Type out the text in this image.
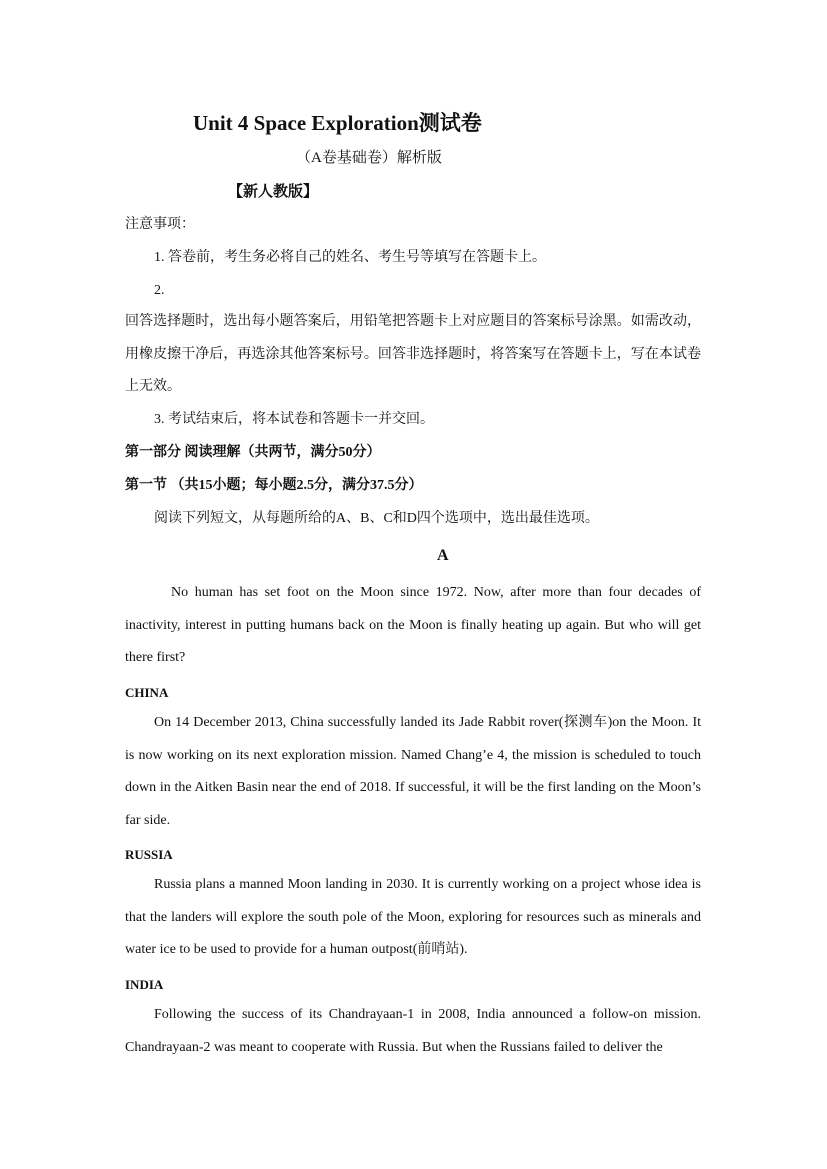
Unit 4 Space Exploration测试卷
（A卷基础卷）解析版
【新人教版】
注意事项：
1. 答卷前，考生务必将自己的姓名、考生号等填写在答题卡上。
2.
回答选择题时，选出每小题答案后，用铅笔把答题卡上对应题目的答案标号涂黑。如需改动，用橡皮擦干净后，再选涂其他答案标号。回答非选择题时，将答案写在答题卡上，写在本试卷上无效。
3. 考试结束后，将本试卷和答题卡一并交回。
第一部分 阅读理解（共两节，满分50分）
第一节 （共15小题；每小题2.5分，满分37.5分）
阅读下列短文，从每题所给的A、B、C和D四个选项中，选出最佳选项。
A
No human has set foot on the Moon since 1972. Now, after more than four decades of inactivity, interest in putting humans back on the Moon is finally heating up again. But who will get there first?
CHINA
On 14 December 2013, China successfully landed its Jade Rabbit rover(探测车)on the Moon. It is now working on its next exploration mission. Named Chang’e 4, the mission is scheduled to touch down in the Aitken Basin near the end of 2018. If successful, it will be the first landing on the Moon’s far side.
RUSSIA
Russia plans a manned Moon landing in 2030. It is currently working on a project whose idea is that the landers will explore the south pole of the Moon, exploring for resources such as minerals and water ice to be used to provide for a human outpost(前哨站).
INDIA
Following the success of its Chandrayaan-1 in 2008, India announced a follow-on mission. Chandrayaan-2 was meant to cooperate with Russia. But when the Russians failed to deliver the
